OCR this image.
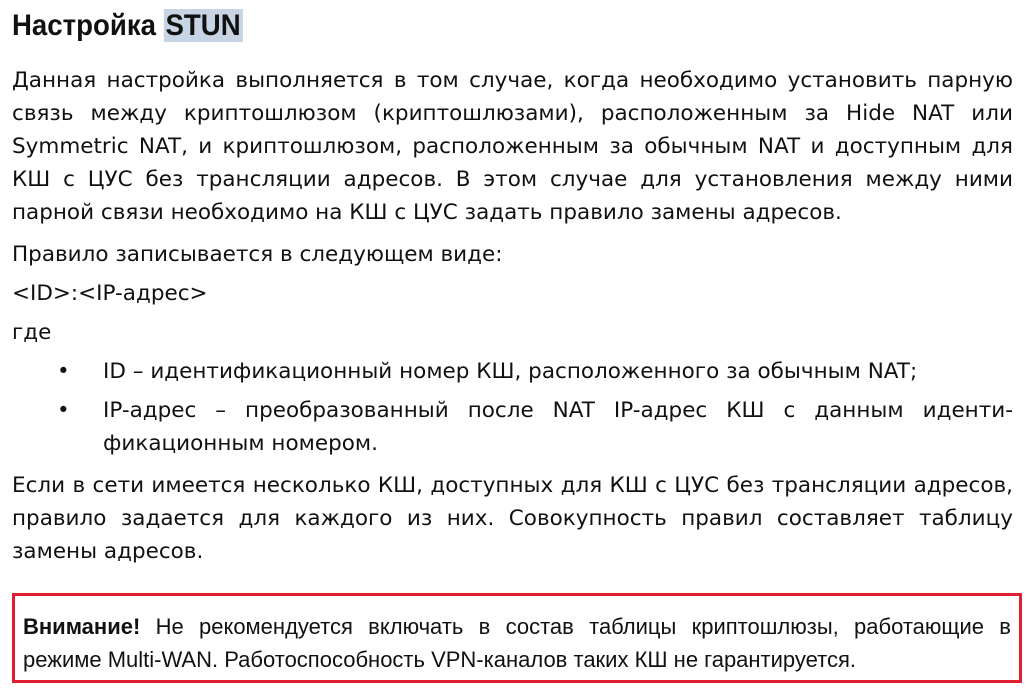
Настройка STUN

Данная настройка выполняется в том случае, когда необходимо установить парную связь между криптошлюзом (криптошлюзами), расположенным за Hide NAT или Symmetric NAT, и криптошлюзом, расположенным за обычным NAT и доступным для КШ с ЦУС без трансляции адресов. В этом случае для установления между ними парной связи необходимо на КШ с ЦУС задать правило замены адресов.

Правило записывается в следующем виде:

<ID>:<IP-адрес>

где

• ID – идентификационный номер КШ, расположенного за обычным NAT;
• IP-адрес – преобразованный после NAT IP-адрес КШ с данным идентификационным номером.

Если в сети имеется несколько КШ, доступных для КШ с ЦУС без трансляции адресов, правило задается для каждого из них. Совокупность правил составляет таблицу замены адресов.

Внимание! Не рекомендуется включать в состав таблицы криптошлюзы, работающие в режиме Multi-WAN. Работоспособность VPN-каналов таких КШ не гарантируется.
